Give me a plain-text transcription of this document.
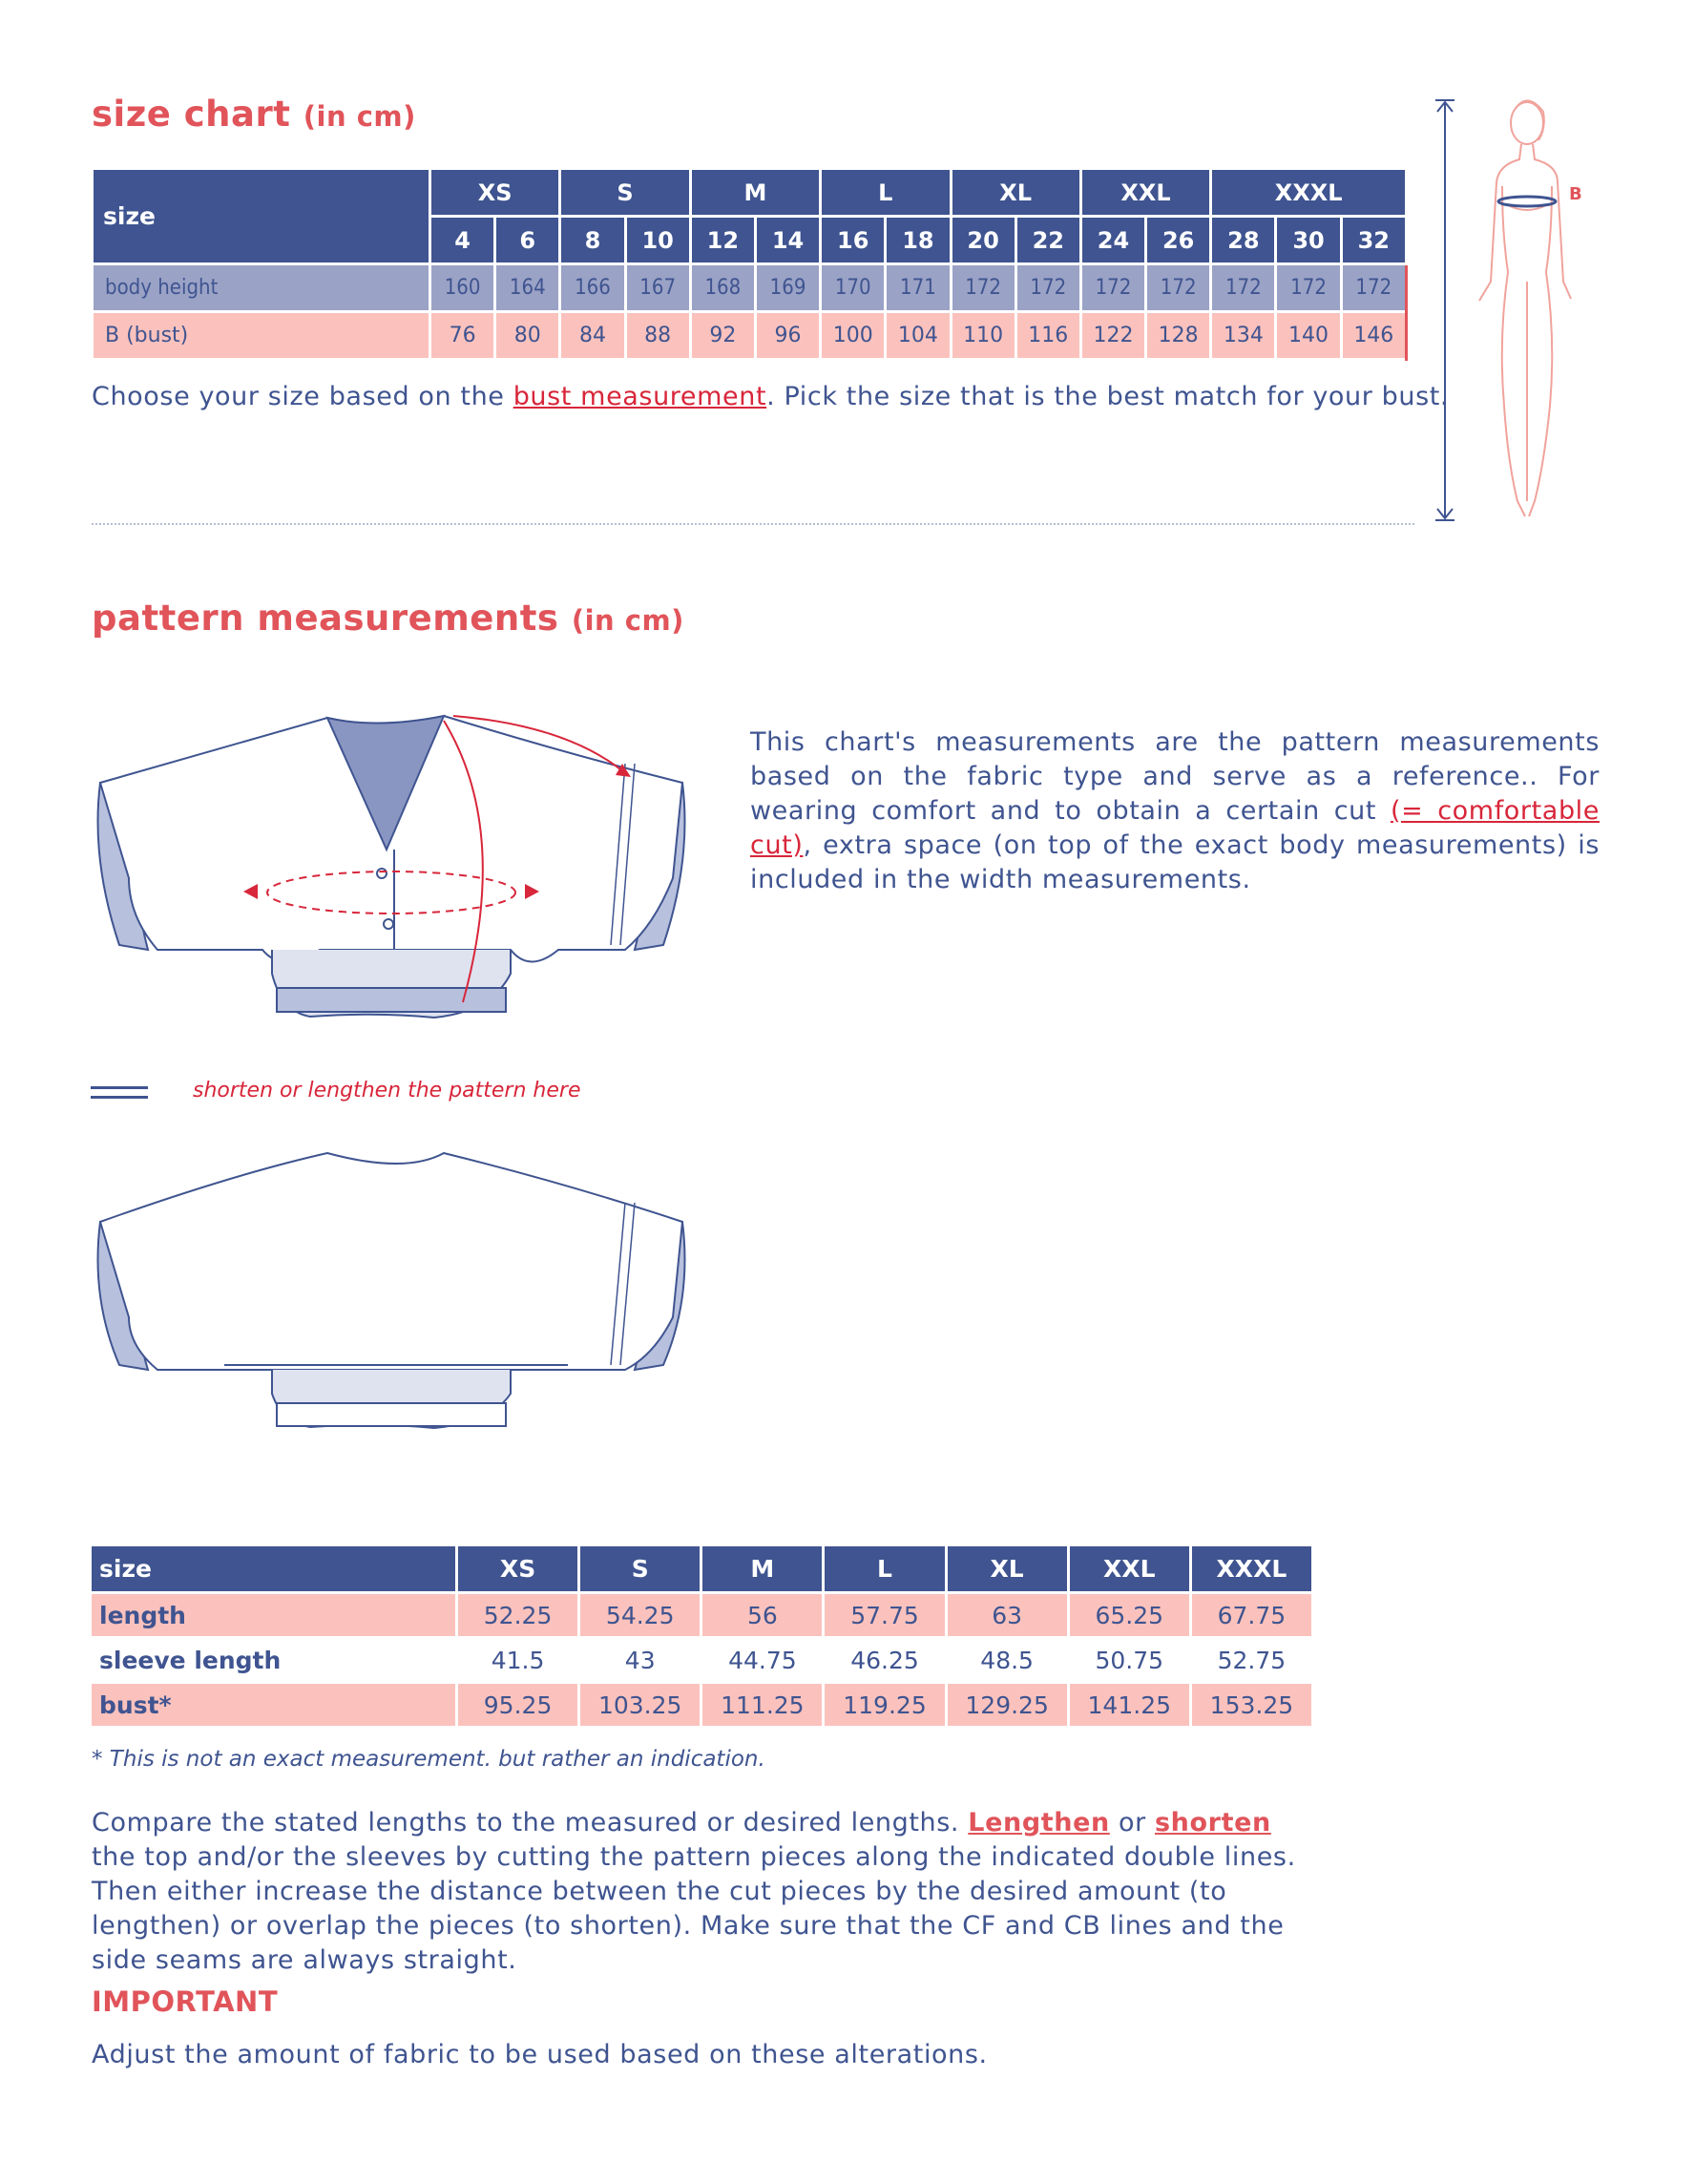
size chart (in cm)
size	XS		S		M		L		XL		XXL		XXXL		
	4	6	8	10	12	14	16	18	20	22	24	26	28	30	32
body height	160	164	166	167	168	169	170	171	172	172	172	172	172	172	172
B (bust)	76	80	84	88	92	96	100	104	110	116	122	128	134	140	146
Choose your size based on the bust measurement. Pick the size that is the best match for your bust.
B
pattern measurements (in cm)
This chart's measurements are the pattern measurements based on the fabric type and serve as a reference.. For wearing comfort and to obtain a certain cut (= comfortable cut), extra space (on top of the exact body measurements) is included in the width measurements.
shorten or lengthen the pattern here
size	XS	S	M	L	XL	XXL	XXXL
length	52.25	54.25	56	57.75	63	65.25	67.75
sleeve length	41.5	43	44.75	46.25	48.5	50.75	52.75
bust*	95.25	103.25	111.25	119.25	129.25	141.25	153.25
* This is not an exact measurement. but rather an indication.
Compare the stated lengths to the measured or desired lengths. Lengthen or shorten the top and/or the sleeves by cutting the pattern pieces along the indicated double lines. Then either increase the distance between the cut pieces by the desired amount (to lengthen) or overlap the pieces (to shorten). Make sure that the CF and CB lines and the side seams are always straight.
IMPORTANT
Adjust the amount of fabric to be used based on these alterations.
